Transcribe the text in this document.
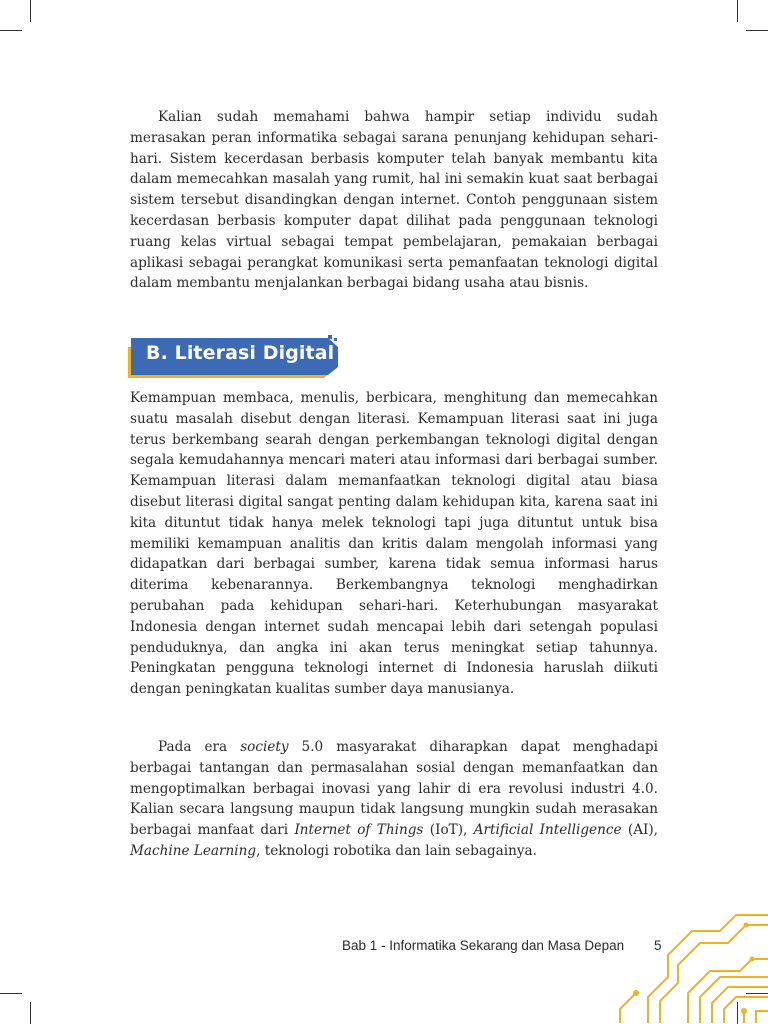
Kalian sudah memahami bahwa hampir setiap individu sudah merasakan peran informatika sebagai sarana penunjang kehidupan sehari-hari. Sistem kecerdasan berbasis komputer telah banyak membantu kita dalam memecahkan masalah yang rumit, hal ini semakin kuat saat berbagai sistem tersebut disandingkan dengan internet. Contoh penggunaan sistem kecerdasan berbasis komputer dapat dilihat pada penggunaan teknologi ruang kelas virtual sebagai tempat pembelajaran, pemakaian berbagai aplikasi sebagai perangkat komunikasi serta pemanfaatan teknologi digital dalam membantu menjalankan berbagai bidang usaha atau bisnis.

B. Literasi Digital

Kemampuan membaca, menulis, berbicara, menghitung dan memecahkan suatu masalah disebut dengan literasi. Kemampuan literasi saat ini juga terus berkembang searah dengan perkembangan teknologi digital dengan segala kemudahannya mencari materi atau informasi dari berbagai sumber. Kemampuan literasi dalam memanfaatkan teknologi digital atau biasa disebut literasi digital sangat penting dalam kehidupan kita, karena saat ini kita dituntut tidak hanya melek teknologi tapi juga dituntut untuk bisa memiliki kemampuan analitis dan kritis dalam mengolah informasi yang didapatkan dari berbagai sumber, karena tidak semua informasi harus diterima kebenarannya. Berkembangnya teknologi menghadirkan perubahan pada kehidupan sehari-hari. Keterhubungan masyarakat Indonesia dengan internet sudah mencapai lebih dari setengah populasi penduduknya, dan angka ini akan terus meningkat setiap tahunnya. Peningkatan pengguna teknologi internet di Indonesia haruslah diikuti dengan peningkatan kualitas sumber daya manusianya.

Pada era society 5.0 masyarakat diharapkan dapat menghadapi berbagai tantangan dan permasalahan sosial dengan memanfaatkan dan mengoptimalkan berbagai inovasi yang lahir di era revolusi industri 4.0. Kalian secara langsung maupun tidak langsung mungkin sudah merasakan berbagai manfaat dari Internet of Things (IoT), Artificial Intelligence (AI), Machine Learning, teknologi robotika dan lain sebagainya.

Bab 1 - Informatika Sekarang dan Masa Depan 5
